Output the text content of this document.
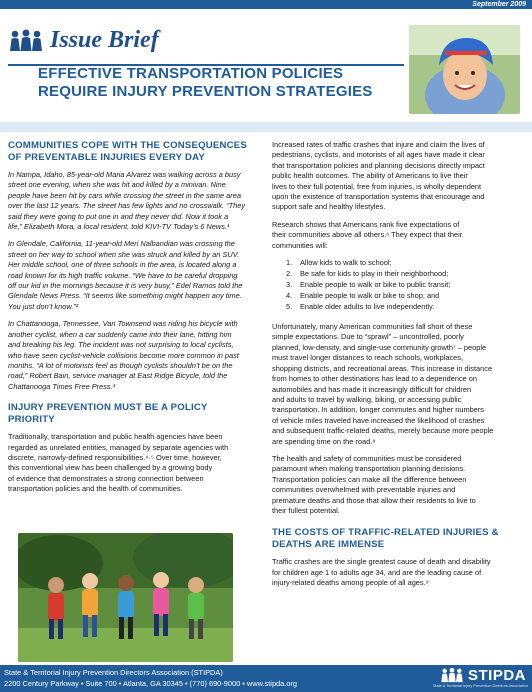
September 2009
Issue Brief
EFFECTIVE TRANSPORTATION POLICIES
REQUIRE INJURY PREVENTION STRATEGIES
COMMUNITIES COPE WITH THE CONSEQUENCES
OF PREVENTABLE INJURIES EVERY DAY
In Nampa, Idaho, 85-year-old Maria Alvarez was walking across a busy
street one evening, when she was hit and killed by a minivan. Nine
people have been hit by cars while crossing the street in the same area
over the last 12 years. The street has few lights and no crosswalk. “They
said they were going to put one in and they never did. Now it took a
life,” Elizabeth Mora, a local resident, told KIVI-TV Today’s 6 News.¹
In Glendale, California, 11-year-old Meri Nalbandian was crossing the
street on her way to school when she was struck and killed by an SUV.
Her middle school, one of three schools in the area, is located along a
road known for its high traffic volume. “We have to be careful dropping
off our kid in the mornings because it is very busy,” Edel Ramos told the
Glendale News Press. “It seems like something might happen any time.
You just don’t know.”²
In Chattanooga, Tennessee, Van Townsend was riding his bicycle with
another cyclist, when a car suddenly came into their lane, hitting him
and breaking his leg. The incident was not surprising to local cyclists,
who have seen cyclist-vehicle collisions become more common in past
months. “A lot of motorists feel as though cyclists shouldn’t be on the
road,” Robert Bain, service manager at East Ridge Bicycle, told the
Chattanooga Times Free Press.³
INJURY PREVENTION MUST BE A POLICY
PRIORITY
Traditionally, transportation and public health agencies have been
regarded as unrelated entities, managed by separate agencies with
discrete, narrowly-defined responsibilities.⁴·⁵ Over time, however,
this conventional view has been challenged by a growing body
of evidence that demonstrates a strong connection between
transportation policies and the health of communities.
Increased rates of traffic crashes that injure and claim the lives of
pedestrians, cyclists, and motorists of all ages have made it clear
that transportation policies and planning decisions directly impact
public health outcomes. The ability of Americans to live their
lives to their full potential, free from injuries, is wholly dependent
upon the existence of transportation systems that encourage and
support safe and healthy lifestyles.
Research shows that Americans rank five expectations of
their communities above all others.⁶ They expect that their
communities will:
1.	Allow kids to walk to school;
2.	Be safe for kids to play in their neighborhood;
3.	Enable people to walk or bike to public transit;
4.	Enable people to walk or bike to shop; and
5.	Enable older adults to live independently.
Unfortunately, many American communities fall short of these
simple expectations. Due to “sprawl” – uncontrolled, poorly
planned, low-density, and single-use community growth⁷ – people
must travel longer distances to reach schools, workplaces,
shopping districts, and recreational areas. This increase in distance
from homes to other destinations has lead to a dependence on
automobiles and has made it increasingly difficult for children
and adults to travel by walking, biking, or accessing public
transportation. In addition, longer commutes and higher numbers
of vehicle miles traveled have increased the likelihood of crashes
and subsequent traffic-related deaths, merely because more people
are spending time on the road.⁸
The health and safety of communities must be considered
paramount when making transportation planning decisions.
Transportation policies can make all the difference between
communities overwhelmed with preventable injuries and
premature deaths and those that allow their residents to live to
their fullest potential.
THE COSTS OF TRAFFIC-RELATED INJURIES &
DEATHS ARE IMMENSE
Traffic crashes are the single greatest cause of death and disability
for children age 1 to adults age 34, and are the leading cause of
injury-related deaths among people of all ages.⁹
State & Territorial Injury Prevention Directors Association (STIPDA)
2200 Century Parkway • Suite 700 • Atlanta, GA 30345 • (770) 690-9000 • www.stipda.org	STIPDA
State & Territorial Injury Prevention Directors Association
